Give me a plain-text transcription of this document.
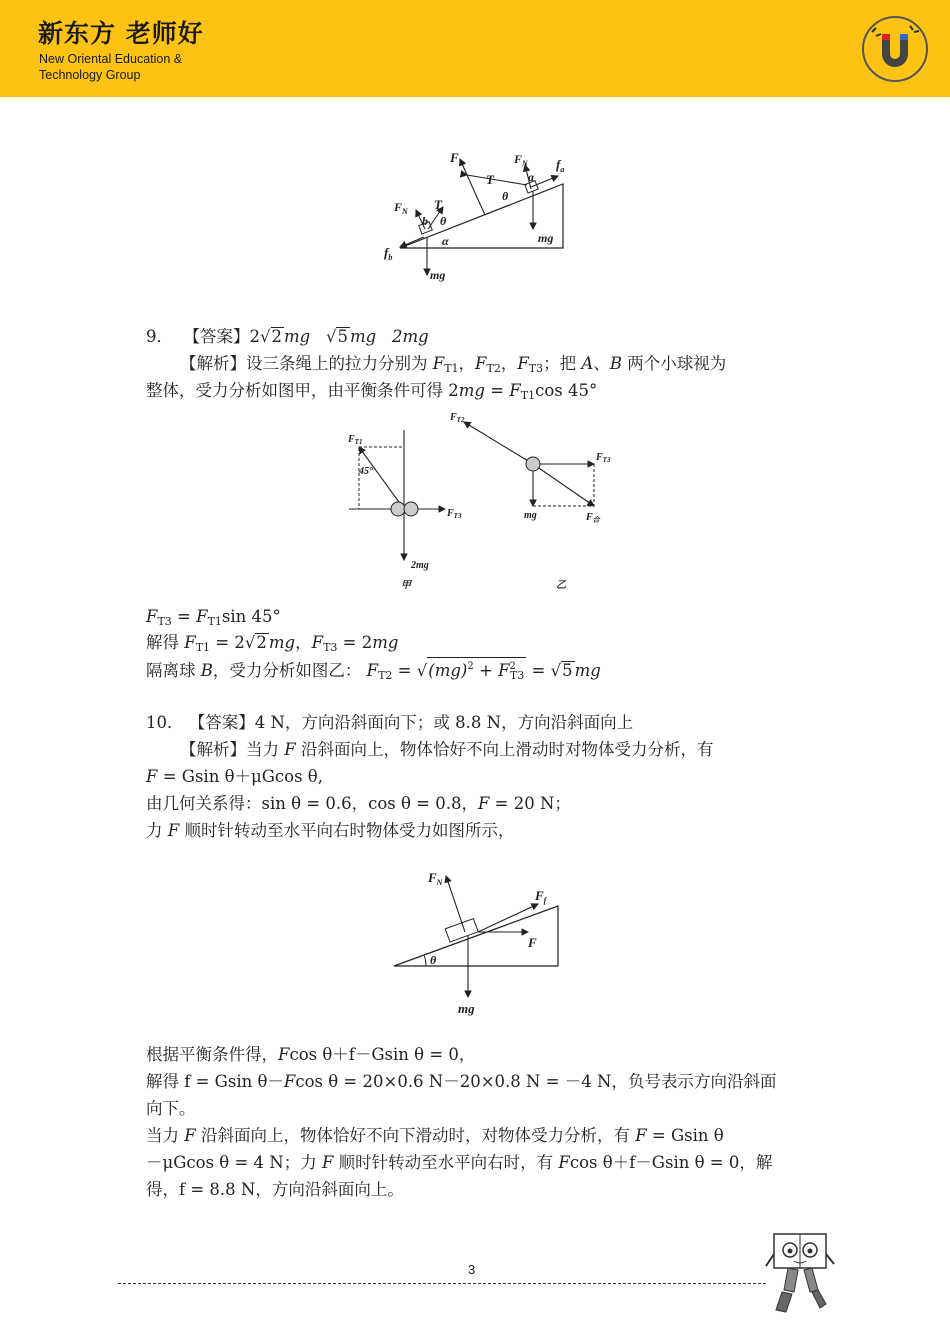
新东方 老师好
New Oriental Education &
Technology Group
F	$F_N$ $f_a$
T
θ
a
$F_N$ T
b θ
α
$f_b$
mg
mg
9． 【答案】2√2 mg   √5 mg 2mg
【解析】设三条绳上的拉力分别为 $F_{T1}$，$F_{T2}$，$F_{T3}$；把 A、B 两个小球视为
整体，受力分析如图甲，由平衡条件可得 $2mg = F_{T1}\cos$ 45°
$F_{T1}$
45°
$F_{T3}$
2mg
甲
$F_{T2}$
$F_{T3}$
mg	$F_合$
乙
$F_{T3} = F_{T1}\sin$ 45°
解得 $F_{T1} = 2√2$ mg，$F_{T3} = 2mg$
隔离球 B，受力分析如图乙： $F_{T2} = √(mg)^2 + F^2_{T3} = √5$ mg
10． 【答案】4 N，方向沿斜面向下；或 8.8 N，方向沿斜面向上
【解析】当力 F 沿斜面向上，物体恰好不向上滑动时对物体受力分析，有
F = Gsin θ＋μGcos θ,
由几何关系得：sin θ = 0.6，cos θ = 0.8，F = 20 N；
力 F 顺时针转动至水平向右时物体受力如图所示，
$F_N$
$F_f$
F
θ
mg
根据平衡条件得，Fcos θ＋f－Gsin θ = 0，
解得 f = Gsin θ－Fcos θ = 20×0.6 N－20×0.8 N = －4 N，负号表示方向沿斜面
向下。
当力 F 沿斜面向上，物体恰好不向下滑动时，对物体受力分析，有 F = Gsin θ
－μGcos θ = 4 N；力 F 顺时针转动至水平向右时，有 Fcos θ＋f－Gsin θ = 0，解
得，f = 8.8 N，方向沿斜面向上。
3
